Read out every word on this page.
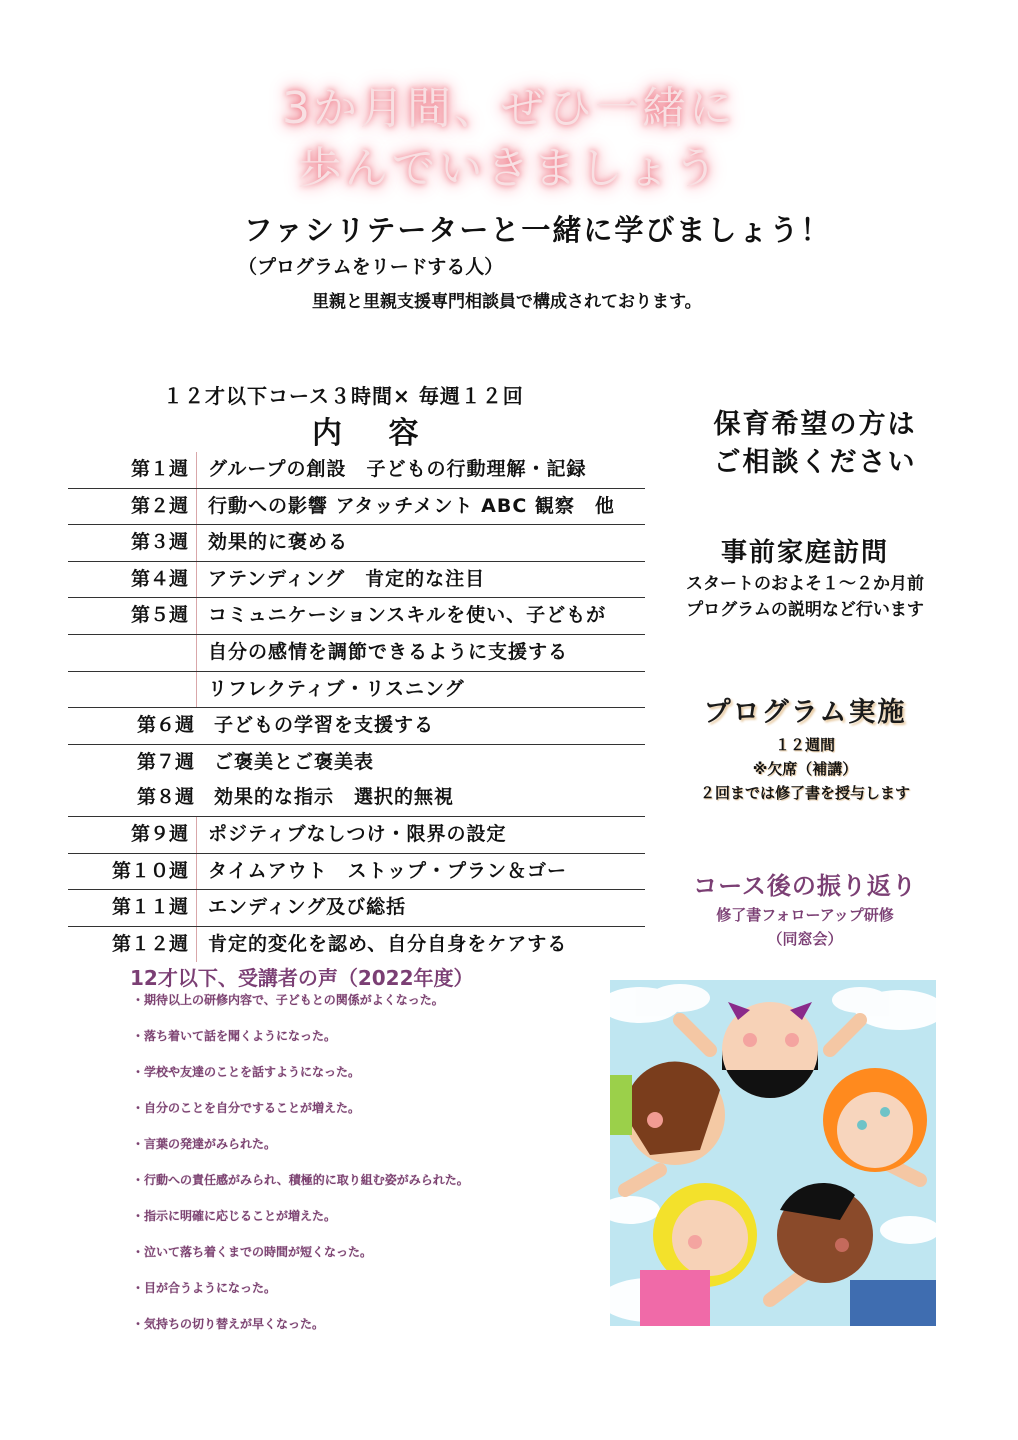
3か月間、ぜひ一緒に
歩んでいきましょう
ファシリテーターと一緒に学びましょう！
（プログラムをリードする人）
里親と里親支援専門相談員で構成されております。
１２才以下コース３時間× 毎週１２回
内 容
第１週 グループの創設　子どもの行動理解・記録
第２週 行動への影響 アタッチメント ABC 観察　他
第３週 効果的に褒める
第４週 アテンディング　肯定的な注目
第５週 コミュニケーションスキルを使い、子どもが
自分の感情を調節できるように支援する
リフレクティブ・リスニング
第６週 子どもの学習を支援する
第７週 ご褒美とご褒美表
第８週 効果的な指示　選択的無視
第９週 ポジティブなしつけ・限界の設定
第１０週 タイムアウト　ストップ・プラン＆ゴー
第１１週 エンディング及び総括
第１２週 肯定的変化を認め、自分自身をケアする
保育希望の方は
ご相談ください
事前家庭訪問
スタートのおよそ１～２か月前
プログラムの説明など行います
プログラム実施
１２週間
※欠席（補講）
２回までは修了書を授与します
コース後の振り返り
修了書フォローアップ研修
（同窓会）
12才以下、受講者の声（2022年度）
・期待以上の研修内容で、子どもとの関係がよくなった。
・落ち着いて話を聞くようになった。
・学校や友達のことを話すようになった。
・自分のことを自分ですることが増えた。
・言葉の発達がみられた。
・行動への責任感がみられ、積極的に取り組む姿がみられた。
・指示に明確に応じることが増えた。
・泣いて落ち着くまでの時間が短くなった。
・目が合うようになった。
・気持ちの切り替えが早くなった。
